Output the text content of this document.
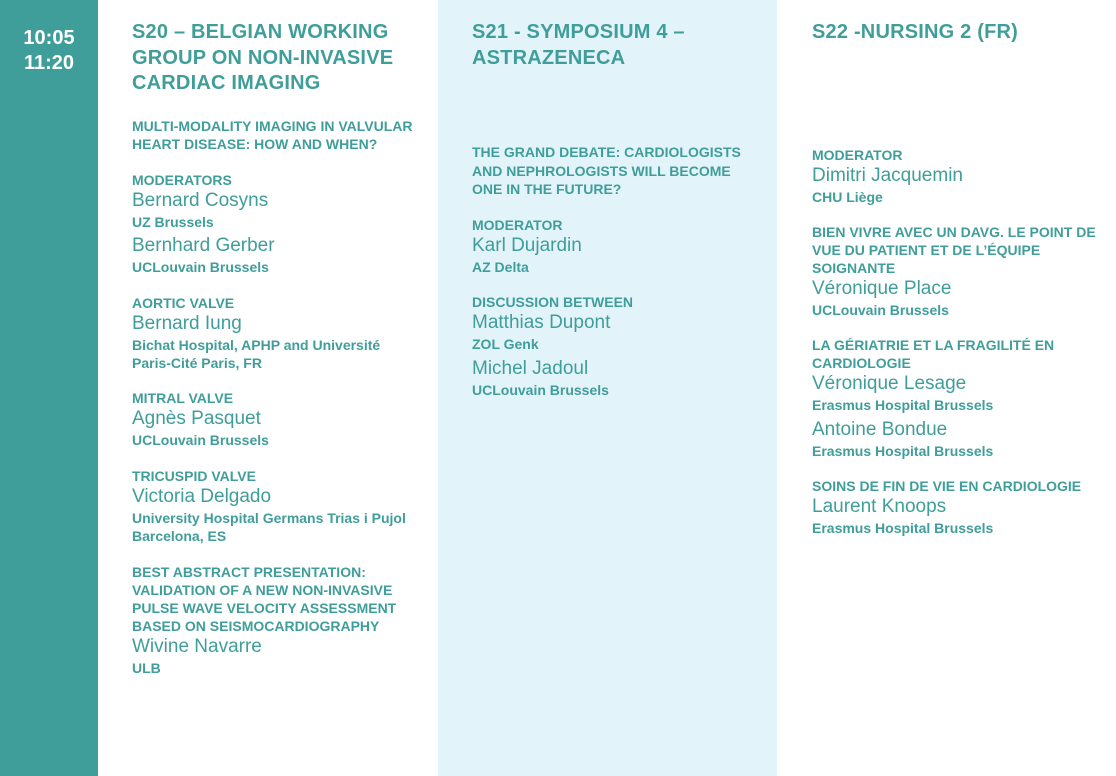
10:05
11:20
S20 – BELGIAN WORKING GROUP ON NON-INVASIVE CARDIAC IMAGING

MULTI-MODALITY IMAGING IN VALVULAR HEART DISEASE: HOW AND WHEN?

MODERATORS

Bernard Cosyns

UZ Brussels

Bernhard Gerber

UCLouvain Brussels

AORTIC VALVE

Bernard Iung

Bichat Hospital, APHP and Université Paris-Cité Paris, FR

MITRAL VALVE

Agnès Pasquet

UCLouvain Brussels

TRICUSPID VALVE

Victoria Delgado

University Hospital Germans Trias i Pujol Barcelona, ES

BEST ABSTRACT PRESENTATION: VALIDATION OF A NEW NON-INVASIVE PULSE WAVE VELOCITY ASSESSMENT BASED ON SEISMOCARDIOGRAPHY

Wivine Navarre

ULB

S21 - SYMPOSIUM 4 – ASTRAZENECA

THE GRAND DEBATE: CARDIOLOGISTS AND NEPHROLOGISTS WILL BECOME ONE IN THE FUTURE?

MODERATOR

Karl Dujardin

AZ Delta

DISCUSSION BETWEEN

Matthias Dupont

ZOL Genk

Michel Jadoul

UCLouvain Brussels

S22 -NURSING 2 (FR)

MODERATOR

Dimitri Jacquemin

CHU Liège

BIEN VIVRE AVEC UN DAVG. LE POINT DE VUE DU PATIENT ET DE L’ÉQUIPE SOIGNANTE

Véronique Place

UCLouvain Brussels

LA GÉRIATRIE ET LA FRAGILITÉ EN CARDIOLOGIE

Véronique Lesage

Erasmus Hospital Brussels

Antoine Bondue

Erasmus Hospital Brussels

SOINS DE FIN DE VIE EN CARDIOLOGIE

Laurent Knoops

Erasmus Hospital Brussels
